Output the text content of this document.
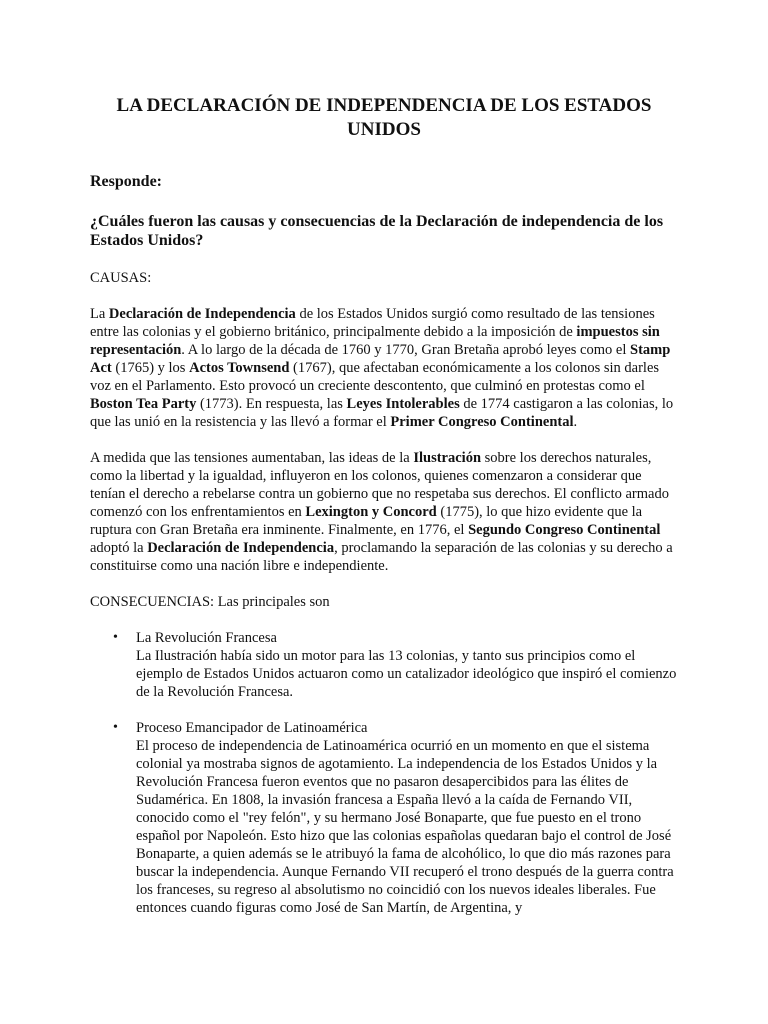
LA DECLARACIÓN DE INDEPENDENCIA DE LOS ESTADOS UNIDOS
Responde:
¿Cuáles fueron las causas y consecuencias de la Declaración de independencia de los Estados Unidos?
CAUSAS:

La Declaración de Independencia de los Estados Unidos surgió como resultado de las tensiones entre las colonias y el gobierno británico, principalmente debido a la imposición de impuestos sin representación. A lo largo de la década de 1760 y 1770, Gran Bretaña aprobó leyes como el Stamp Act (1765) y los Actos Townsend (1767), que afectaban económicamente a los colonos sin darles voz en el Parlamento. Esto provocó un creciente descontento, que culminó en protestas como el Boston Tea Party (1773). En respuesta, las Leyes Intolerables de 1774 castigaron a las colonias, lo que las unió en la resistencia y las llevó a formar el Primer Congreso Continental.

A medida que las tensiones aumentaban, las ideas de la Ilustración sobre los derechos naturales, como la libertad y la igualdad, influyeron en los colonos, quienes comenzaron a considerar que tenían el derecho a rebelarse contra un gobierno que no respetaba sus derechos. El conflicto armado comenzó con los enfrentamientos en Lexington y Concord (1775), lo que hizo evidente que la ruptura con Gran Bretaña era inminente. Finalmente, en 1776, el Segundo Congreso Continental adoptó la Declaración de Independencia, proclamando la separación de las colonias y su derecho a constituirse como una nación libre e independiente.

CONSECUENCIAS: Las principales son
• La Revolución Francesa
La Ilustración había sido un motor para las 13 colonias, y tanto sus principios como el ejemplo de Estados Unidos actuaron como un catalizador ideológico que inspiró el comienzo de la Revolución Francesa.
• Proceso Emancipador de Latinoamérica
El proceso de independencia de Latinoamérica ocurrió en un momento en que el sistema colonial ya mostraba signos de agotamiento. La independencia de los Estados Unidos y la Revolución Francesa fueron eventos que no pasaron desapercibidos para las élites de Sudamérica. En 1808, la invasión francesa a España llevó a la caída de Fernando VII, conocido como el "rey felón", y su hermano José Bonaparte, que fue puesto en el trono español por Napoleón. Esto hizo que las colonias españolas quedaran bajo el control de José Bonaparte, a quien además se le atribuyó la fama de alcohólico, lo que dio más razones para buscar la independencia. Aunque Fernando VII recuperó el trono después de la guerra contra los franceses, su regreso al absolutismo no coincidió con los nuevos ideales liberales. Fue entonces cuando figuras como José de San Martín, de Argentina, y
